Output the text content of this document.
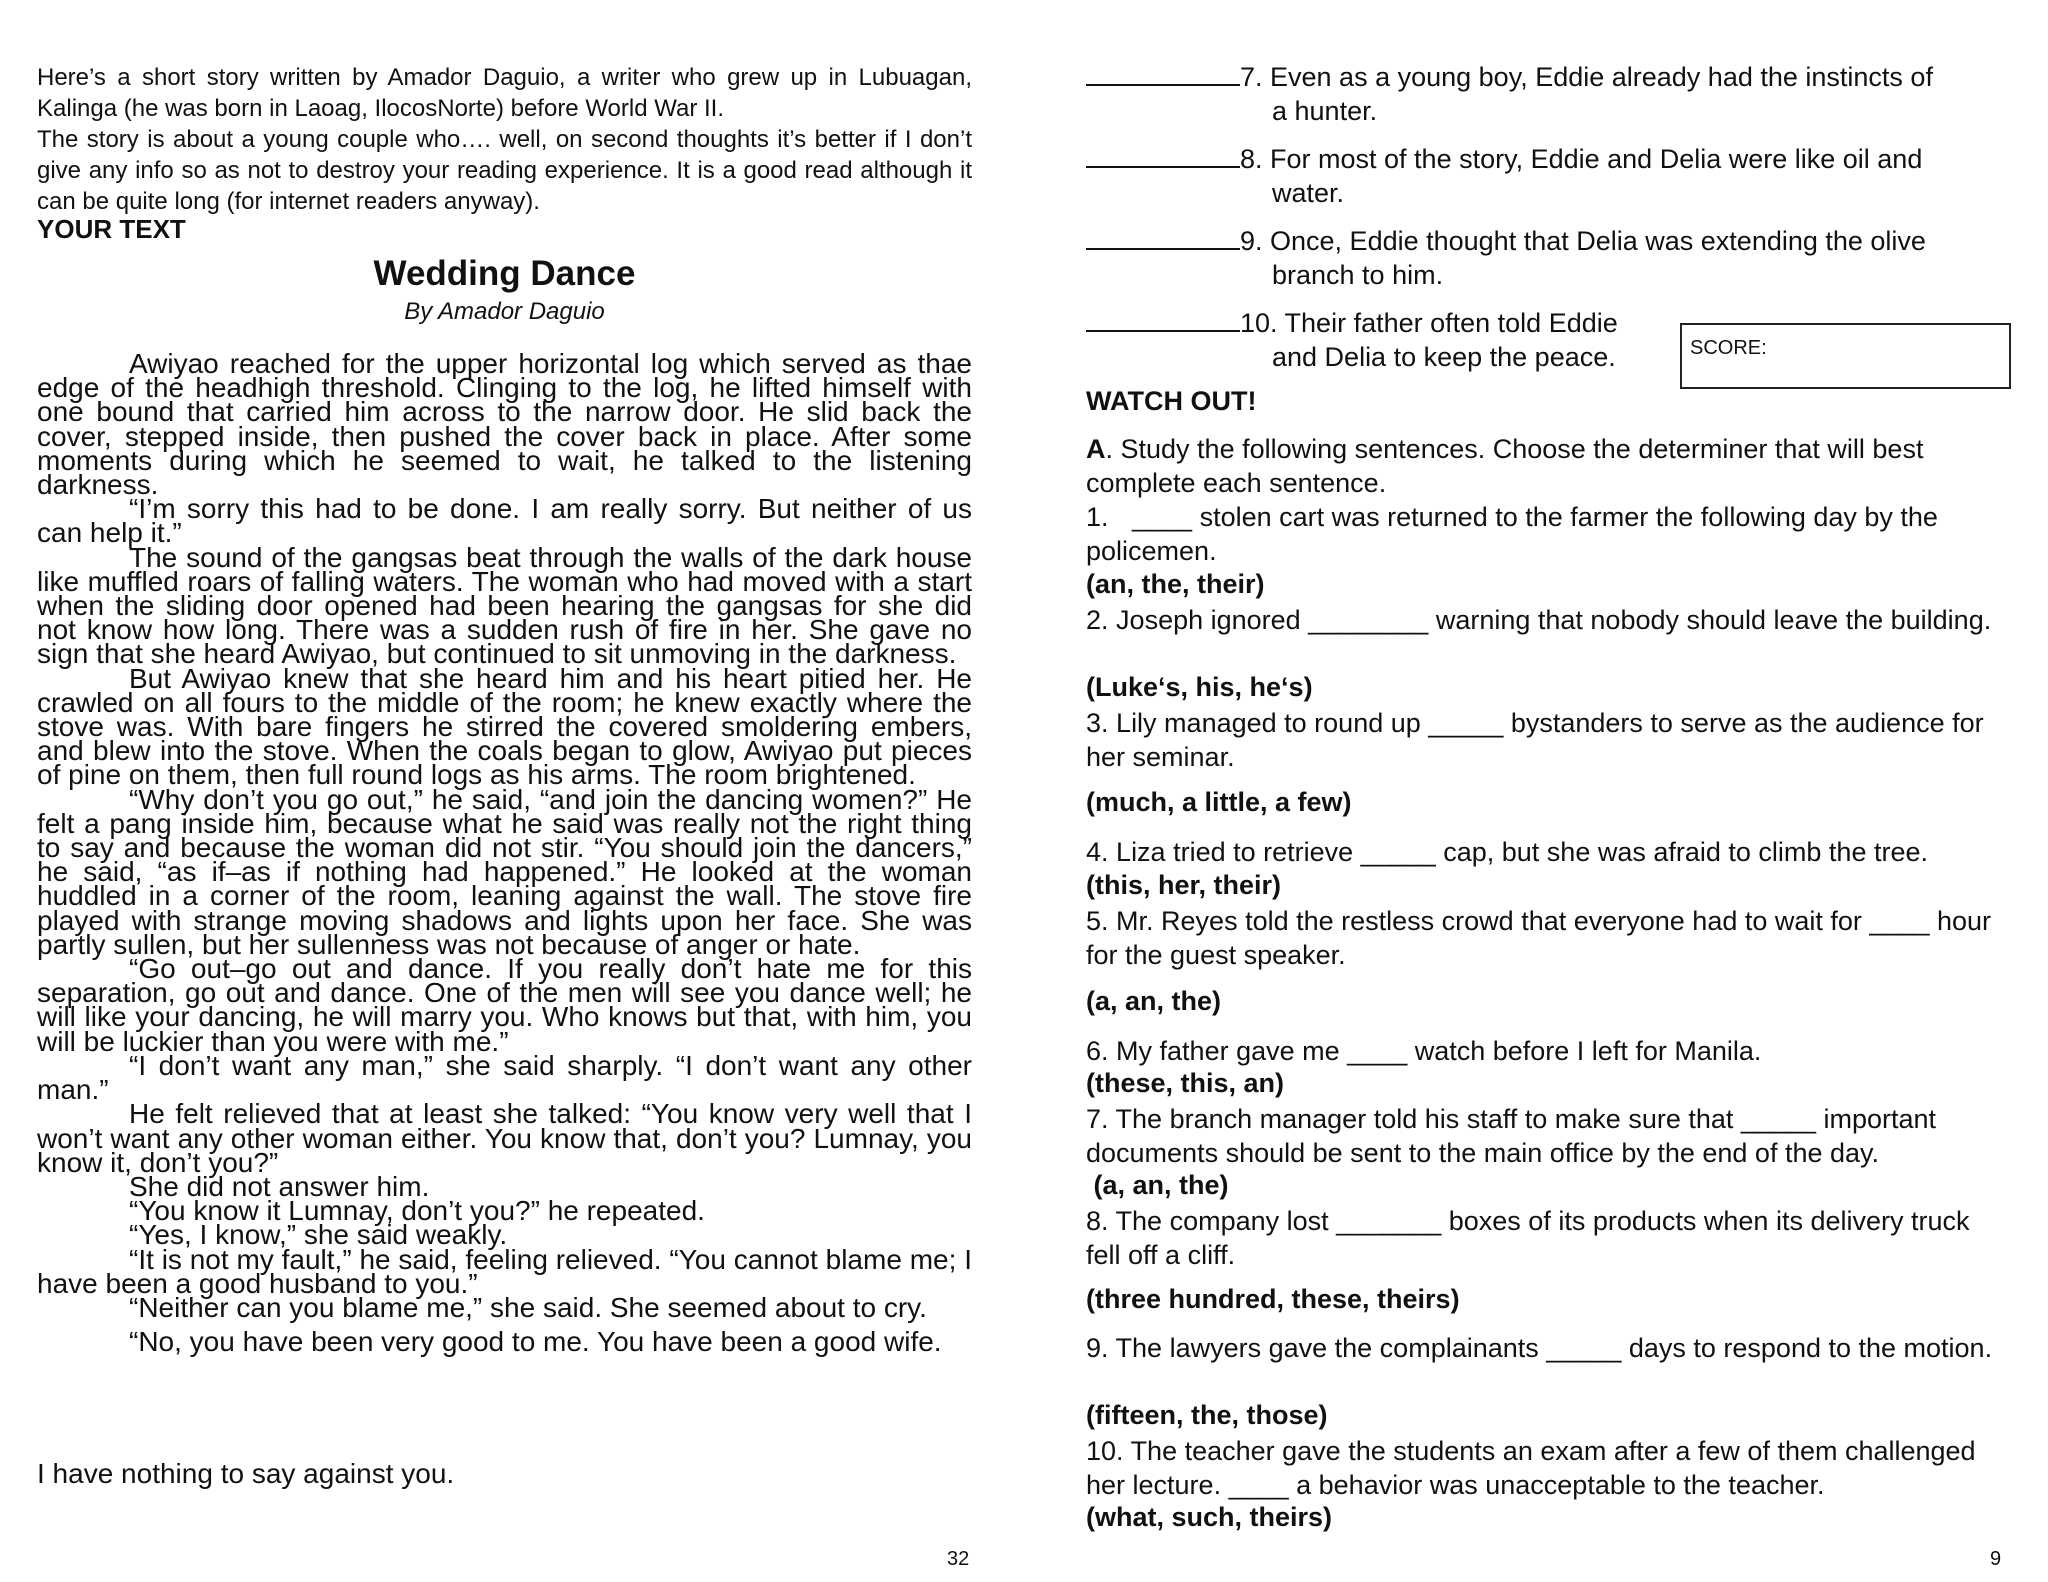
Here’s a short story written by Amador Daguio, a writer who grew up in Lubuagan, Kalinga (he was born in Laoag, IlocosNorte) before World War II.

The story is about a young couple who…. well, on second thoughts it’s better if I don’t give any info so as not to destroy your reading experience. It is a good read although it can be quite long (for internet readers anyway).

YOUR TEXT
Wedding Dance
By Amador Daguio

Awiyao reached for the upper horizontal log which served as thae edge of the headhigh threshold. Clinging to the log, he lifted himself with one bound that carried him across to the narrow door. He slid back the cover, stepped inside, then pushed the cover back in place. After some moments during which he seemed to wait, he talked to the listening darkness.

“I’m sorry this had to be done. I am really sorry. But neither of us can help it.”

The sound of the gangsas beat through the walls of the dark house like muffled roars of falling waters. The woman who had moved with a start when the sliding door opened had been hearing the gangsas for she did not know how long. There was a sudden rush of fire in her. She gave no sign that she heard Awiyao, but continued to sit unmoving in the darkness.

But Awiyao knew that she heard him and his heart pitied her. He crawled on all fours to the middle of the room; he knew exactly where the stove was. With bare fingers he stirred the covered smoldering embers, and blew into the stove. When the coals began to glow, Awiyao put pieces of pine on them, then full round logs as his arms. The room brightened.

“Why don’t you go out,” he said, “and join the dancing women?” He felt a pang inside him, because what he said was really not the right thing to say and because the woman did not stir. “You should join the dancers,” he said, “as if–as if nothing had happened.” He looked at the woman huddled in a corner of the room, leaning against the wall. The stove fire played with strange moving shadows and lights upon her face. She was partly sullen, but her sullenness was not because of anger or hate.

“Go out–go out and dance. If you really don’t hate me for this separation, go out and dance. One of the men will see you dance well; he will like your dancing, he will marry you. Who knows but that, with him, you will be luckier than you were with me.”

“I don’t want any man,” she said sharply. “I don’t want any other man.”

He felt relieved that at least she talked: “You know very well that I won’t want any other woman either. You know that, don’t you? Lumnay, you know it, don’t you?”

She did not answer him.

“You know it Lumnay, don’t you?” he repeated.

“Yes, I know,” she said weakly.

“It is not my fault,” he said, feeling relieved. “You cannot blame me; I have been a good husband to you.”

“Neither can you blame me,” she said. She seemed about to cry.

“No, you have been very good to me. You have been a good wife.

I have nothing to say against you.
32
7. Even as a young boy, Eddie already had the instincts of
a hunter.
8. For most of the story, Eddie and Delia were like oil and
water.
9. Once, Eddie thought that Delia was extending the olive
branch to him.
10. Their father often told Eddie
and Delia to keep the peace.	SCORE:
WATCH OUT!
A. Study the following sentences. Choose the determiner that will best complete each sentence.
1. ____ stolen cart was returned to the farmer the following day by the policemen.
(an, the, their)
2. Joseph ignored ________ warning that nobody should leave the building.
(Luke‘s, his, he‘s)
3. Lily managed to round up _____ bystanders to serve as the audience for her seminar.
(much, a little, a few)
4. Liza tried to retrieve _____ cap, but she was afraid to climb the tree.
(this, her, their)
5. Mr. Reyes told the restless crowd that everyone had to wait for ____ hour for the guest speaker.
(a, an, the)
6. My father gave me ____ watch before I left for Manila.
(these, this, an)
7. The branch manager told his staff to make sure that _____ important documents should be sent to the main office by the end of the day.
(a, an, the)
8. The company lost _______ boxes of its products when its delivery truck fell off a cliff.
(three hundred, these, theirs)
9. The lawyers gave the complainants _____ days to respond to the motion.
(fifteen, the, those)
10. The teacher gave the students an exam after a few of them challenged her lecture. ____ a behavior was unacceptable to the teacher.
(what, such, theirs)
9
